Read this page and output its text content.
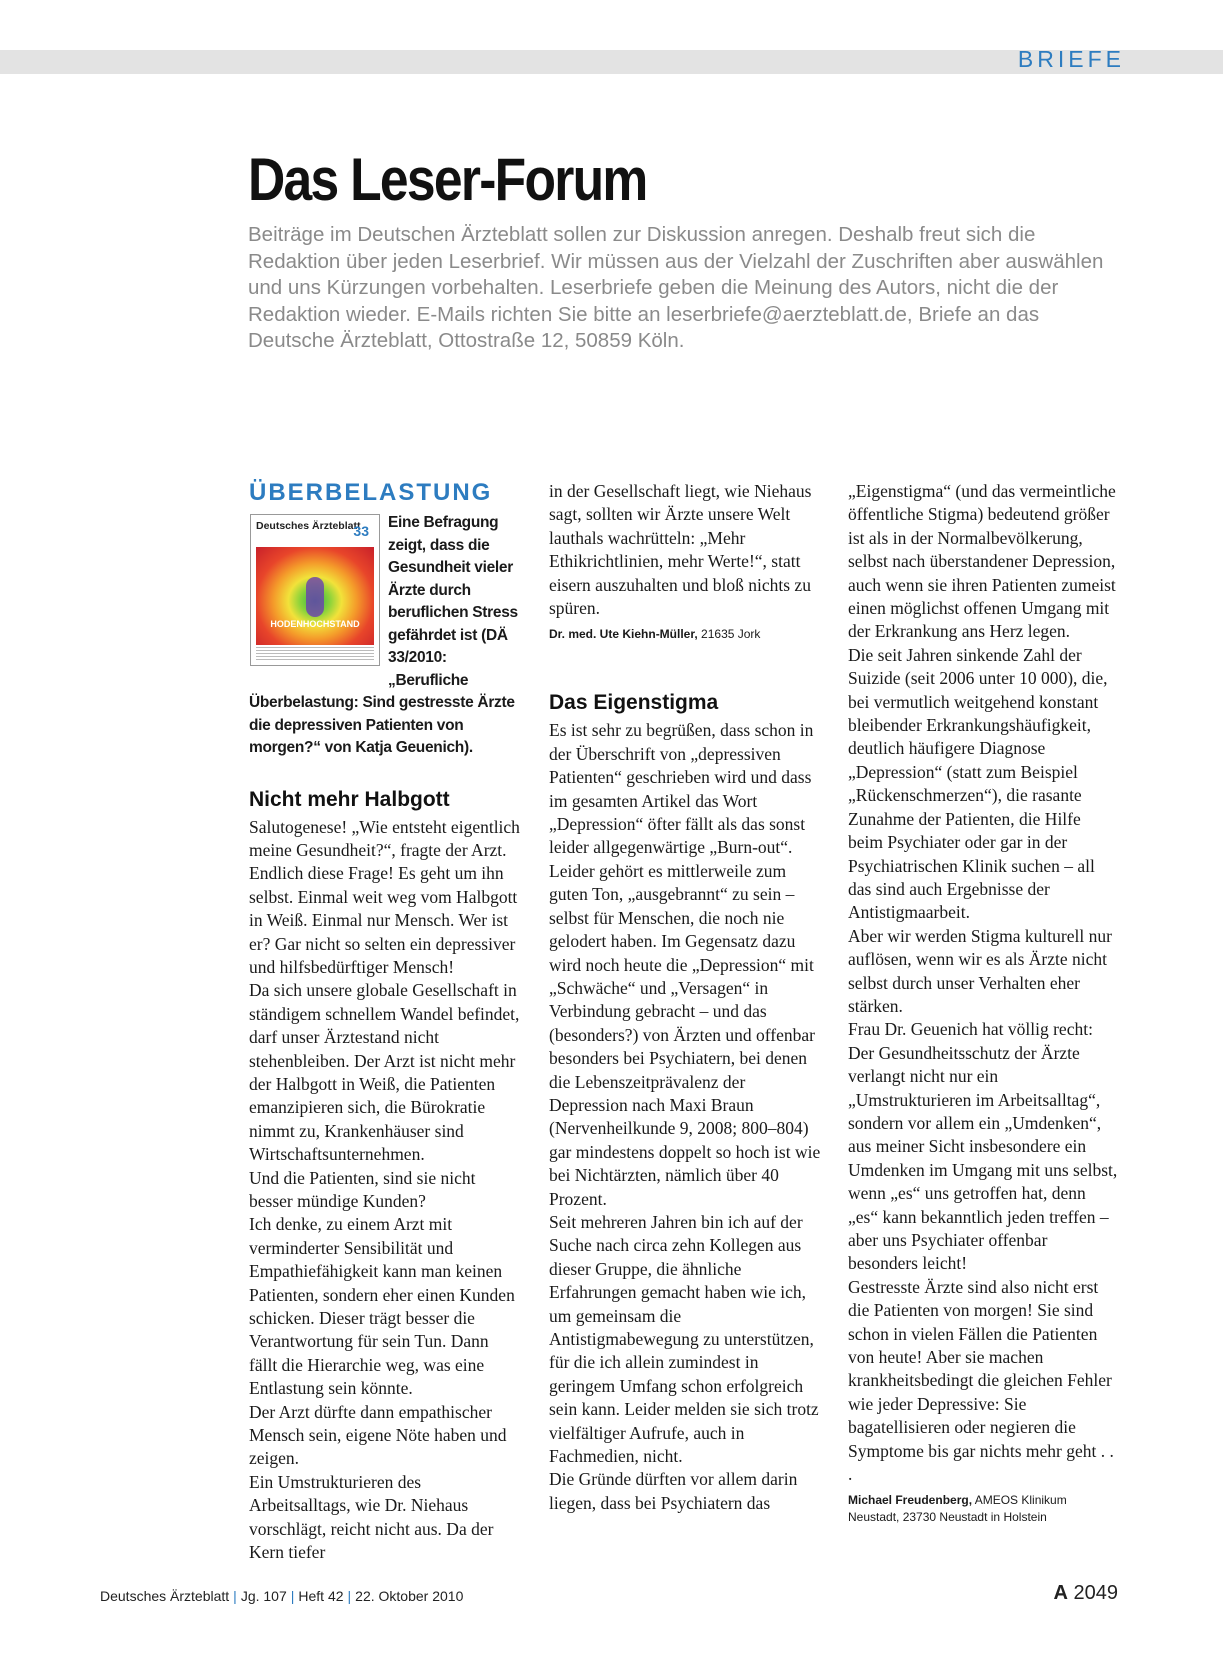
BRIEFE
Das Leser-Forum

Beiträge im Deutschen Ärzteblatt sollen zur Diskussion anregen. Deshalb freut sich die Redaktion über jeden Leserbrief. Wir müssen aus der Vielzahl der Zuschriften aber auswählen und uns Kürzungen vorbehalten. Leserbriefe geben die Meinung des Autors, nicht die der Redaktion wieder. E-Mails richten Sie bitte an leserbriefe@aerzteblatt.de, Briefe an das Deutsche Ärzteblatt, Ottostraße 12, 50859 Köln.

ÜBERBELASTUNG
Deutsches Ärzteblatt
33
HODENHOCHSTAND

Eine Befragung zeigt, dass die Gesundheit vieler Ärzte durch beruflichen Stress gefährdet ist (DÄ 33/2010: „Berufliche Überbelastung: Sind gestresste Ärzte die depressiven Patienten von morgen?“ von Katja Geuenich).

Nicht mehr Halbgott

Salutogenese! „Wie entsteht eigentlich meine Gesundheit?“, fragte der Arzt. Endlich diese Frage! Es geht um ihn selbst. Einmal weit weg vom Halbgott in Weiß. Einmal nur Mensch. Wer ist er? Gar nicht so selten ein depressiver und hilfsbedürftiger Mensch!

Da sich unsere globale Gesellschaft in ständigem schnellem Wandel befindet, darf unser Ärztestand nicht stehenbleiben. Der Arzt ist nicht mehr der Halbgott in Weiß, die Patienten emanzipieren sich, die Bürokratie nimmt zu, Krankenhäuser sind Wirtschaftsunternehmen.

Und die Patienten, sind sie nicht besser mündige Kunden?

Ich denke, zu einem Arzt mit verminderter Sensibilität und Empathiefähigkeit kann man keinen Patienten, sondern eher einen Kunden schicken. Dieser trägt besser die Verantwortung für sein Tun. Dann fällt die Hierarchie weg, was eine Entlastung sein könnte.

Der Arzt dürfte dann empathischer Mensch sein, eigene Nöte haben und zeigen.

Ein Umstrukturieren des Arbeitsalltags, wie Dr. Niehaus vorschlägt, reicht nicht aus. Da der Kern tiefer

in der Gesellschaft liegt, wie Niehaus sagt, sollten wir Ärzte unsere Welt lauthals wachrütteln: „Mehr Ethikrichtlinien, mehr Werte!“, statt eisern auszuhalten und bloß nichts zu spüren.

Dr. med. Ute Kiehn-Müller, 21635 Jork

Das Eigenstigma

Es ist sehr zu begrüßen, dass schon in der Überschrift von „depressiven Patienten“ geschrieben wird und dass im gesamten Artikel das Wort „Depression“ öfter fällt als das sonst leider allgegenwärtige „Burn-out“.

Leider gehört es mittlerweile zum guten Ton, „ausgebrannt“ zu sein – selbst für Menschen, die noch nie gelodert haben. Im Gegensatz dazu wird noch heute die „Depression“ mit „Schwäche“ und „Versagen“ in Verbindung gebracht – und das (besonders?) von Ärzten und offenbar besonders bei Psychiatern, bei denen die Lebenszeitprävalenz der Depression nach Maxi Braun (Nervenheilkunde 9, 2008; 800–804) gar mindestens doppelt so hoch ist wie bei Nichtärzten, nämlich über 40 Prozent.

Seit mehreren Jahren bin ich auf der Suche nach circa zehn Kollegen aus dieser Gruppe, die ähnliche Erfahrungen gemacht haben wie ich, um gemeinsam die Antistigmabewegung zu unterstützen, für die ich allein zumindest in geringem Umfang schon erfolgreich sein kann. Leider melden sie sich trotz vielfältiger Aufrufe, auch in Fachmedien, nicht.

Die Gründe dürften vor allem darin liegen, dass bei Psychiatern das

„Eigenstigma“ (und das vermeintliche öffentliche Stigma) bedeutend größer ist als in der Normalbevölkerung, selbst nach überstandener Depression, auch wenn sie ihren Patienten zumeist einen möglichst offenen Umgang mit der Erkrankung ans Herz legen.

Die seit Jahren sinkende Zahl der Suizide (seit 2006 unter 10 000), die, bei vermutlich weitgehend konstant bleibender Erkrankungshäufigkeit, deutlich häufigere Diagnose „Depression“ (statt zum Beispiel „Rückenschmerzen“), die rasante Zunahme der Patienten, die Hilfe beim Psychiater oder gar in der Psychiatrischen Klinik suchen – all das sind auch Ergebnisse der Antistigmaarbeit.

Aber wir werden Stigma kulturell nur auflösen, wenn wir es als Ärzte nicht selbst durch unser Verhalten eher stärken.

Frau Dr. Geuenich hat völlig recht: Der Gesundheitsschutz der Ärzte verlangt nicht nur ein „Umstrukturieren im Arbeitsalltag“, sondern vor allem ein „Umdenken“, aus meiner Sicht insbesondere ein Umdenken im Umgang mit uns selbst, wenn „es“ uns getroffen hat, denn „es“ kann bekanntlich jeden treffen – aber uns Psychiater offenbar besonders leicht!

Gestresste Ärzte sind also nicht erst die Patienten von morgen! Sie sind schon in vielen Fällen die Patienten von heute! Aber sie machen krankheitsbedingt die gleichen Fehler wie jeder Depressive: Sie bagatellisieren oder negieren die Symptome bis gar nichts mehr geht . . .

Michael Freudenberg, AMEOS Klinikum Neustadt, 23730 Neustadt in Holstein

Deutsches Ärzteblatt | Jg. 107 | Heft 42 | 22. Oktober 2010	A 2049
